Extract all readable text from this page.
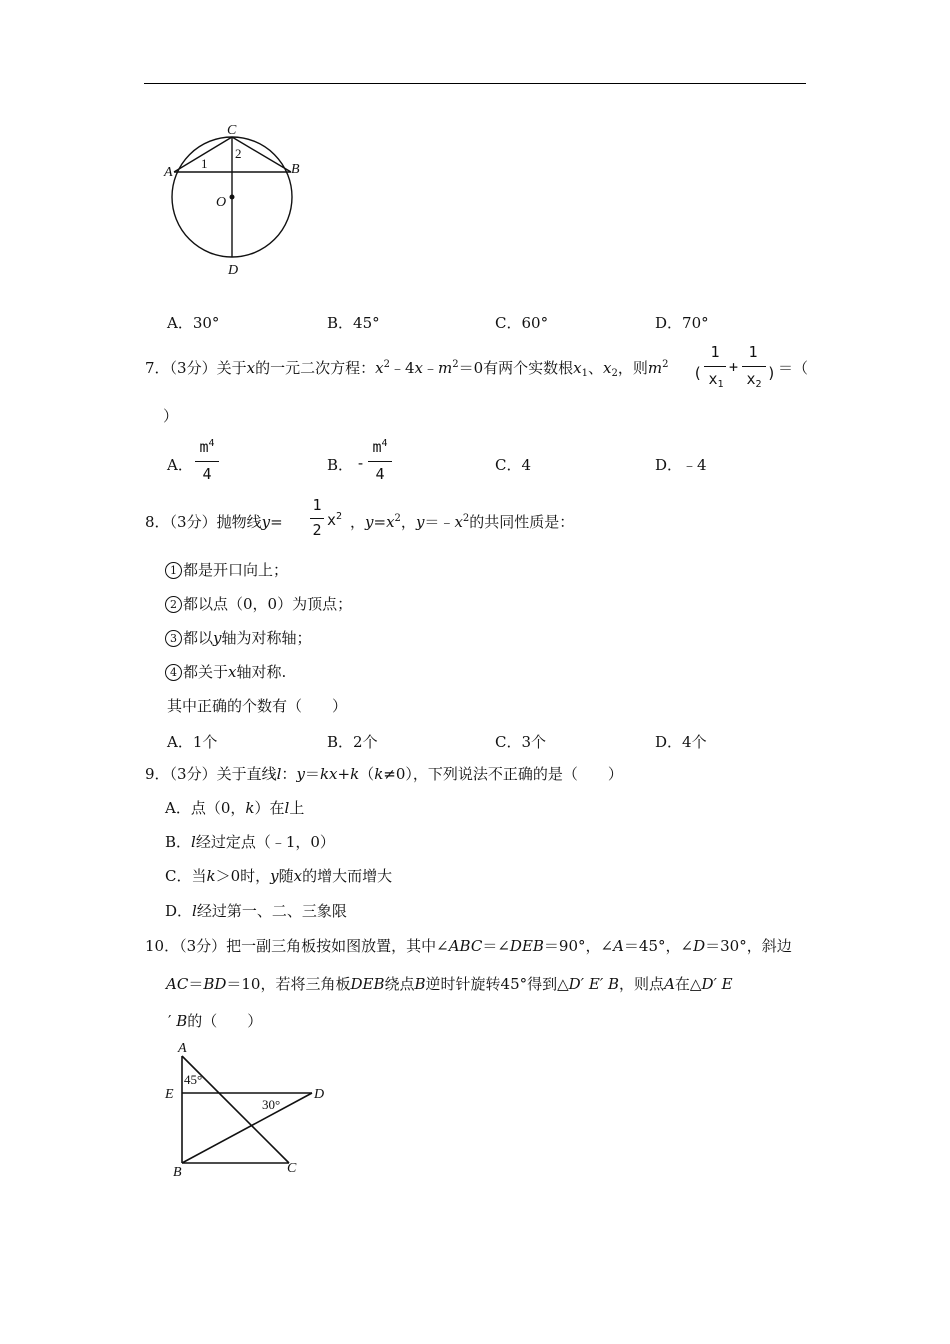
C
A	B
O
D
1
2
A．30°	B．45°	C．60°	D．70°
7．（3分）关于x的一元二次方程：$x^2﹣4x﹣m^2=0$有两个实数根$x_1$、$x_2$，则$m^2$ (
1
$x_1$
+
1
$x_2$
) ＝（
）
A．
$m^4$
4	B． -
$m^4$
4	C．4	D．﹣4
8．（3分）抛物线y=
1
2
$x^2$ ，$y=x^2$，$y=﹣x^2$的共同性质是：
1 都是开口向上；
2 都以点（0，0）为顶点；
3 都以y轴为对称轴；
4 都关于x轴对称.
其中正确的个数有（　　）
A．1个	B．2个	C．3个	D．4个
9．（3分）关于直线l：y＝kx+k（k≠0），下列说法不正确的是（　　）
A．点（0，k）在l上
B．l经过定点（﹣1，0）
C．当k＞0时，y随x的增大而增大
D．l经过第一、二、三象限
10．（3分）把一副三角板按如图放置，其中∠ABC＝∠DEB＝90°，∠A＝45°，∠D＝30°，斜边
AC＝BD＝10，若将三角板DEB绕点B逆时针旋转45°得到△D′ E′ B，则点A在△D′ E
′ B的（　　）
A
E	D
B	C
45°
30°
